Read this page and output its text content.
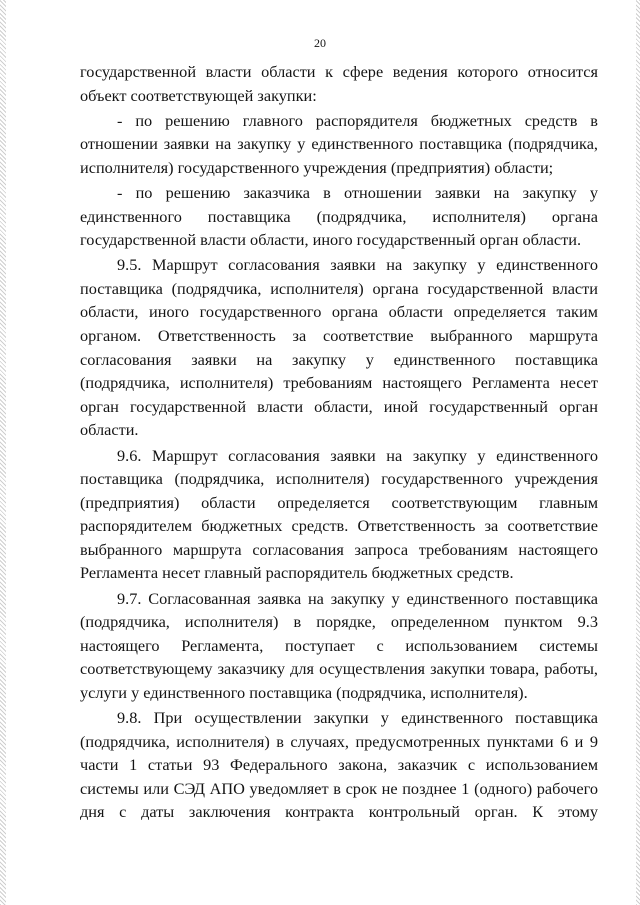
20

государственной власти области к сфере ведения которого относится объект соответствующей закупки:

- по решению главного распорядителя бюджетных средств в отношении заявки на закупку у единственного поставщика (подрядчика, исполнителя) государственного учреждения (предприятия) области;

- по решению заказчика в отношении заявки на закупку у единственного поставщика (подрядчика, исполнителя) органа государственной власти области, иного государственный орган области.

9.5. Маршрут согласования заявки на закупку у единственного поставщика (подрядчика, исполнителя) органа государственной власти области, иного государственного органа области определяется таким органом. Ответственность за соответствие выбранного маршрута согласования заявки на закупку у единственного поставщика (подрядчика, исполнителя) требованиям настоящего Регламента несет орган государственной власти области, иной государственный орган области.

9.6. Маршрут согласования заявки на закупку у единственного поставщика (подрядчика, исполнителя) государственного учреждения (предприятия) области определяется соответствующим главным распорядителем бюджетных средств. Ответственность за соответствие выбранного маршрута согласования запроса требованиям настоящего Регламента несет главный распорядитель бюджетных средств.

9.7. Согласованная заявка на закупку у единственного поставщика (подрядчика, исполнителя) в порядке, определенном пунктом 9.3 настоящего Регламента, поступает с использованием системы соответствующему заказчику для осуществления закупки товара, работы, услуги у единственного поставщика (подрядчика, исполнителя).

9.8. При осуществлении закупки у единственного поставщика (подрядчика, исполнителя) в случаях, предусмотренных пунктами 6 и 9 части 1 статьи 93 Федерального закона, заказчик с использованием системы или СЭД АПО уведомляет в срок не позднее 1 (одного) рабочего дня с даты заключения контракта контрольный орган. К этому
